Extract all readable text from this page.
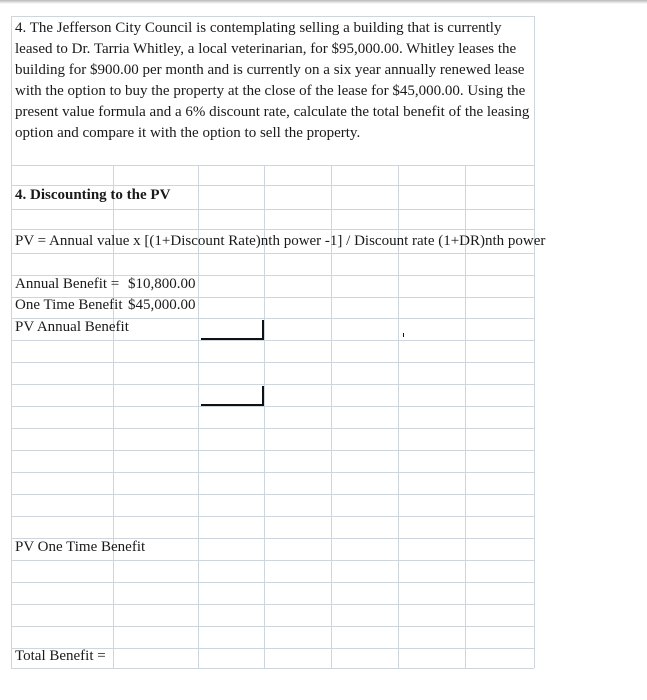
4. The Jefferson City Council is contemplating selling a building that is currently leased to Dr. Tarria Whitley, a local veterinarian, for $95,000.00. Whitley leases the building for $900.00 per month and is currently on a six year annually renewed lease with the option to buy the property at the close of the lease for $45,000.00. Using the present value formula and a 6% discount rate, calculate the total benefit of the leasing option and compare it with the option to sell the property.
4. Discounting to the PV
PV = Annual value x [(1+Discount Rate)nth power -1] / Discount rate (1+DR)nth power
Annual Benefit = $10,800.00
One Time Benefit $45,000.00
PV Annual Benefit
PV One Time Benefit
Total Benefit =
